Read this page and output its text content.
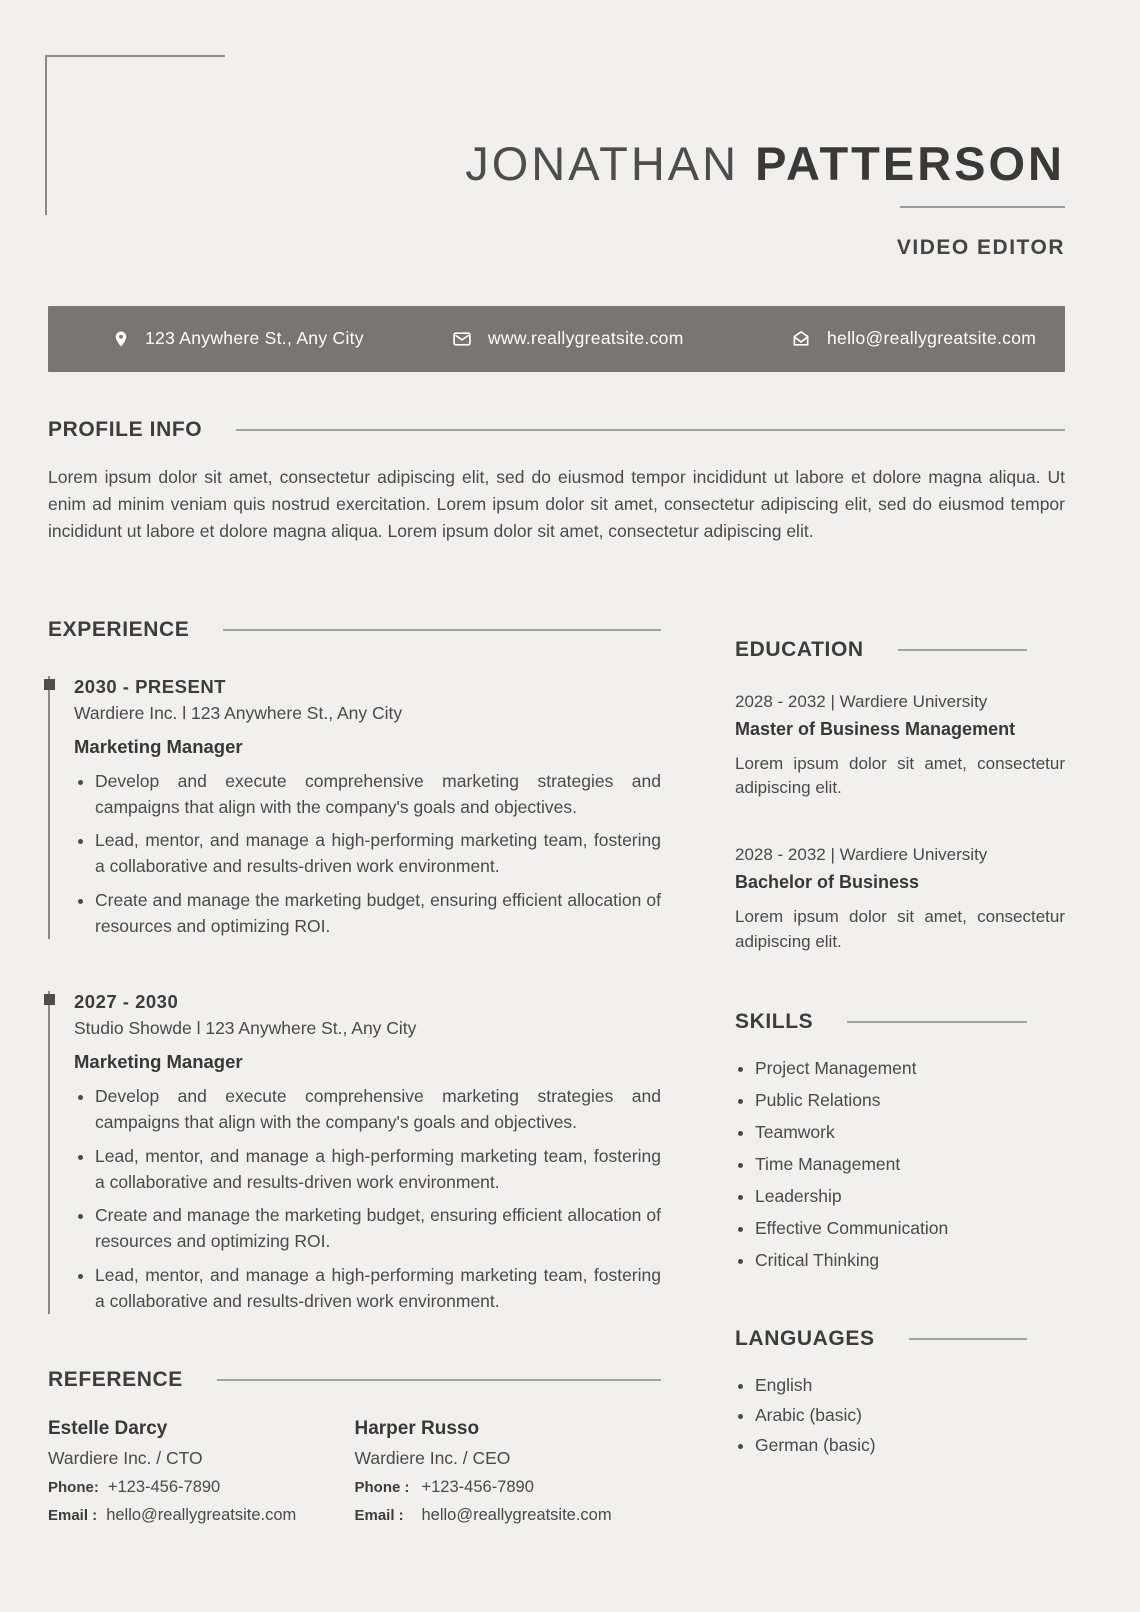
JONATHAN PATTERSON
VIDEO EDITOR
123 Anywhere St., Any City	www.reallygreatsite.com	hello@reallygreatsite.com
PROFILE INFO

Lorem ipsum dolor sit amet, consectetur adipiscing elit, sed do eiusmod tempor incididunt ut labore et dolore magna aliqua. Ut enim ad minim veniam quis nostrud exercitation. Lorem ipsum dolor sit amet, consectetur adipiscing elit, sed do eiusmod tempor incididunt ut labore et dolore magna aliqua. Lorem ipsum dolor sit amet, consectetur adipiscing elit.

EXPERIENCE
2030 - PRESENT
Wardiere Inc. l 123 Anywhere St., Any City
Marketing Manager
• Develop and execute comprehensive marketing strategies and campaigns that align with the company's goals and objectives.
• Lead, mentor, and manage a high-performing marketing team, fostering a collaborative and results-driven work environment.
• Create and manage the marketing budget, ensuring efficient allocation of resources and optimizing ROI.
2027 - 2030
Studio Showde l 123 Anywhere St., Any City
Marketing Manager
• Develop and execute comprehensive marketing strategies and campaigns that align with the company's goals and objectives.
• Lead, mentor, and manage a high-performing marketing team, fostering a collaborative and results-driven work environment.
• Create and manage the marketing budget, ensuring efficient allocation of resources and optimizing ROI.
• Lead, mentor, and manage a high-performing marketing team, fostering a collaborative and results-driven work environment.
REFERENCE
Estelle Darcy
Wardiere Inc. / CTO
Phone: +123-456-7890
Email : hello@reallygreatsite.com
Harper Russo
Wardiere Inc. / CEO
Phone : +123-456-7890
Email :	hello@reallygreatsite.com
EDUCATION
2028 - 2032 | Wardiere University
Master of Business Management
Lorem ipsum dolor sit amet, consectetur adipiscing elit.
2028 - 2032 | Wardiere University
Bachelor of Business
Lorem ipsum dolor sit amet, consectetur adipiscing elit.
SKILLS
• Project Management
• Public Relations
• Teamwork
• Time Management
• Leadership
• Effective Communication
• Critical Thinking
LANGUAGES
• English
• Arabic (basic)
• German (basic)
